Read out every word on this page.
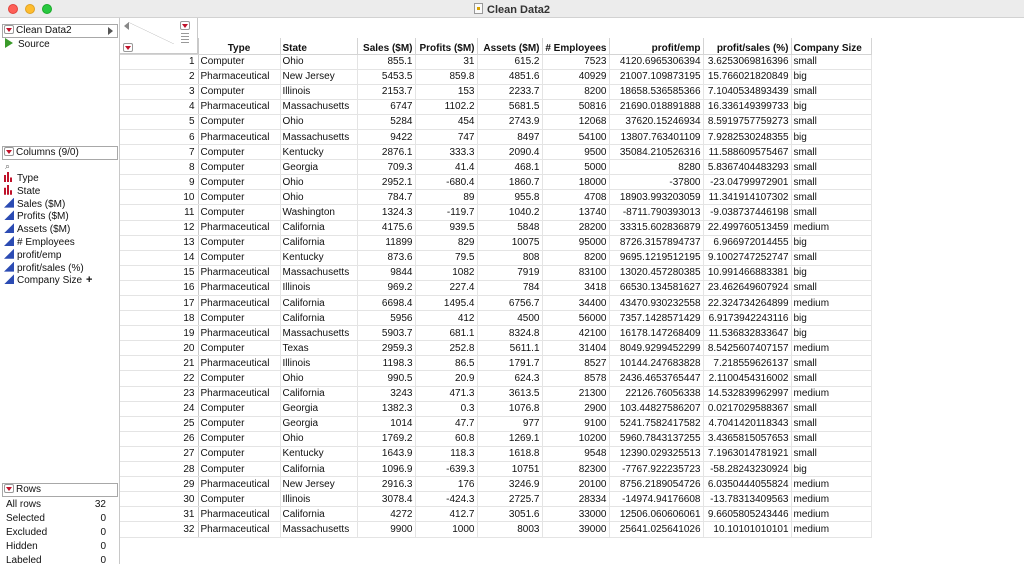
Clean Data2
Clean Data2
Source
Columns (9/0)
⌕
Type
State
Sales ($M)
Profits ($M)
Assets ($M)
# Employees
profit/emp
profit/sales (%)
Company Size +
Rows
All rows	32
Selected	0
Excluded	0
Hidden	0
Labeled	0
	Type	State	Sales ($M)	Profits ($M)	Assets ($M)	# Employees	profit/emp	profit/sales (%)	Company Size
1	Computer	Ohio	855.1	31	615.2	7523	4120.6965306394	3.6253069816396	small
2	Pharmaceutical	New Jersey	5453.5	859.8	4851.6	40929	21007.109873195	15.766021820849	big
3	Computer	Illinois	2153.7	153	2233.7	8200	18658.536585366	7.1040534893439	small
4	Pharmaceutical	Massachusetts	6747	1102.2	5681.5	50816	21690.018891888	16.336149399733	big
5	Computer	Ohio	5284	454	2743.9	12068	37620.15246934	8.5919757759273	small
6	Pharmaceutical	Massachusetts	9422	747	8497	54100	13807.763401109	7.9282530248355	big
7	Computer	Kentucky	2876.1	333.3	2090.4	9500	35084.210526316	11.588609575467	small
8	Computer	Georgia	709.3	41.4	468.1	5000	8280	5.8367404483293	small
9	Computer	Ohio	2952.1	-680.4	1860.7	18000	-37800	-23.04799972901	small
10	Computer	Ohio	784.7	89	955.8	4708	18903.993203059	11.341914107302	small
11	Computer	Washington	1324.3	-119.7	1040.2	13740	-8711.790393013	-9.038737446198	small
12	Pharmaceutical	California	4175.6	939.5	5848	28200	33315.602836879	22.499760513459	medium
13	Computer	California	11899	829	10075	95000	8726.3157894737	6.966972014455	big
14	Computer	Kentucky	873.6	79.5	808	8200	9695.1219512195	9.1002747252747	small
15	Pharmaceutical	Massachusetts	9844	1082	7919	83100	13020.457280385	10.991466883381	big
16	Pharmaceutical	Illinois	969.2	227.4	784	3418	66530.134581627	23.462649607924	small
17	Pharmaceutical	California	6698.4	1495.4	6756.7	34400	43470.930232558	22.324734264899	medium
18	Computer	California	5956	412	4500	56000	7357.1428571429	6.9173942243116	big
19	Pharmaceutical	Massachusetts	5903.7	681.1	8324.8	42100	16178.147268409	11.536832833647	big
20	Computer	Texas	2959.3	252.8	5611.1	31404	8049.9299452299	8.5425607407157	medium
21	Pharmaceutical	Illinois	1198.3	86.5	1791.7	8527	10144.247683828	7.218559626137	small
22	Computer	Ohio	990.5	20.9	624.3	8578	2436.4653765447	2.1100454316002	small
23	Pharmaceutical	California	3243	471.3	3613.5	21300	22126.76056338	14.532839962997	medium
24	Computer	Georgia	1382.3	0.3	1076.8	2900	103.44827586207	0.0217029588367	small
25	Computer	Georgia	1014	47.7	977	9100	5241.7582417582	4.7041420118343	small
26	Computer	Ohio	1769.2	60.8	1269.1	10200	5960.7843137255	3.4365815057653	small
27	Computer	Kentucky	1643.9	118.3	1618.8	9548	12390.029325513	7.1963014781921	small
28	Computer	California	1096.9	-639.3	10751	82300	-7767.922235723	-58.28243230924	big
29	Pharmaceutical	New Jersey	2916.3	176	3246.9	20100	8756.2189054726	6.0350444055824	medium
30	Computer	Illinois	3078.4	-424.3	2725.7	28334	-14974.94176608	-13.78313409563	medium
31	Pharmaceutical	California	4272	412.7	3051.6	33000	12506.060606061	9.6605805243446	medium
32	Pharmaceutical	Massachusetts	9900	1000	8003	39000	25641.025641026	10.10101010101	medium
